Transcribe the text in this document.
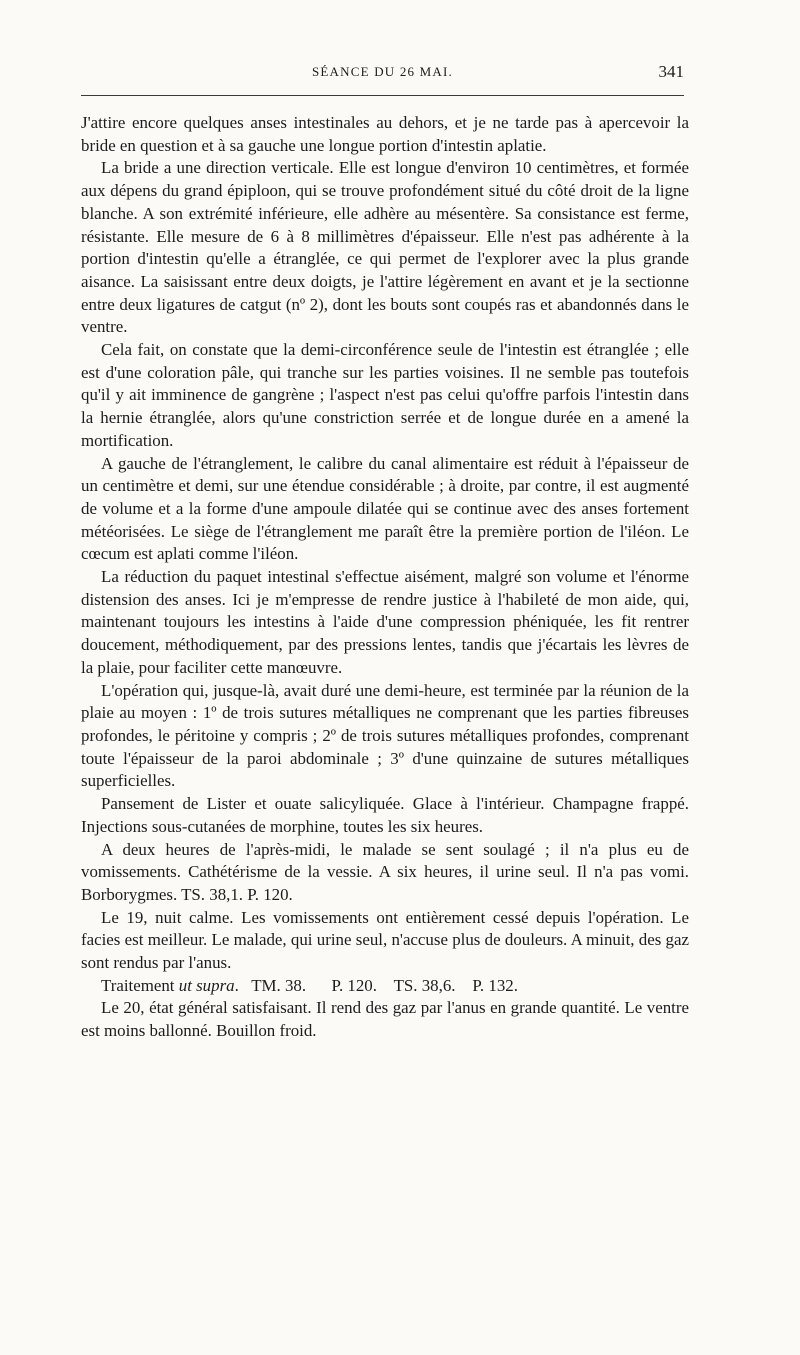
SÉANCE DU 26 MAI.	341

J'attire encore quelques anses intestinales au dehors, et je ne tarde pas à apercevoir la bride en question et à sa gauche une longue portion d'intestin aplatie.

La bride a une direction verticale. Elle est longue d'environ 10 centimètres, et formée aux dépens du grand épiploon, qui se trouve profondément situé du côté droit de la ligne blanche. A son extrémité inférieure, elle adhère au mésentère. Sa consistance est ferme, résistante. Elle mesure de 6 à 8 millimètres d'épaisseur. Elle n'est pas adhérente à la portion d'intestin qu'elle a étranglée, ce qui permet de l'explorer avec la plus grande aisance. La saisissant entre deux doigts, je l'attire légèrement en avant et je la sectionne entre deux ligatures de catgut (nº 2), dont les bouts sont coupés ras et abandonnés dans le ventre.

Cela fait, on constate que la demi-circonférence seule de l'intestin est étranglée ; elle est d'une coloration pâle, qui tranche sur les parties voisines. Il ne semble pas toutefois qu'il y ait imminence de gangrène ; l'aspect n'est pas celui qu'offre parfois l'intestin dans la hernie étranglée, alors qu'une constriction serrée et de longue durée en a amené la mortification.

A gauche de l'étranglement, le calibre du canal alimentaire est réduit à l'épaisseur de un centimètre et demi, sur une étendue considérable ; à droite, par contre, il est augmenté de volume et a la forme d'une ampoule dilatée qui se continue avec des anses fortement météorisées. Le siège de l'étranglement me paraît être la première portion de l'iléon. Le cœcum est aplati comme l'iléon.

La réduction du paquet intestinal s'effectue aisément, malgré son volume et l'énorme distension des anses. Ici je m'empresse de rendre justice à l'habileté de mon aide, qui, maintenant toujours les intestins à l'aide d'une compression phéniquée, les fit rentrer doucement, méthodiquement, par des pressions lentes, tandis que j'écartais les lèvres de la plaie, pour faciliter cette manœuvre.

L'opération qui, jusque-là, avait duré une demi-heure, est terminée par la réunion de la plaie au moyen : 1º de trois sutures métalliques ne comprenant que les parties fibreuses profondes, le péritoine y compris ; 2º de trois sutures métalliques profondes, comprenant toute l'épaisseur de la paroi abdominale ; 3º d'une quinzaine de sutures métalliques superficielles.

Pansement de Lister et ouate salicyliquée. Glace à l'intérieur. Champagne frappé. Injections sous-cutanées de morphine, toutes les six heures.

A deux heures de l'après-midi, le malade se sent soulagé ; il n'a plus eu de vomissements. Cathétérisme de la vessie. A six heures, il urine seul. Il n'a pas vomi. Borborygmes. TS. 38,1. P. 120.

Le 19, nuit calme. Les vomissements ont entièrement cessé depuis l'opération. Le facies est meilleur. Le malade, qui urine seul, n'accuse plus de douleurs. A minuit, des gaz sont rendus par l'anus.

Traitement ut supra.   TM. 38. P. 120. TS. 38,6. P. 132.

Le 20, état général satisfaisant. Il rend des gaz par l'anus en grande quantité. Le ventre est moins ballonné. Bouillon froid.
